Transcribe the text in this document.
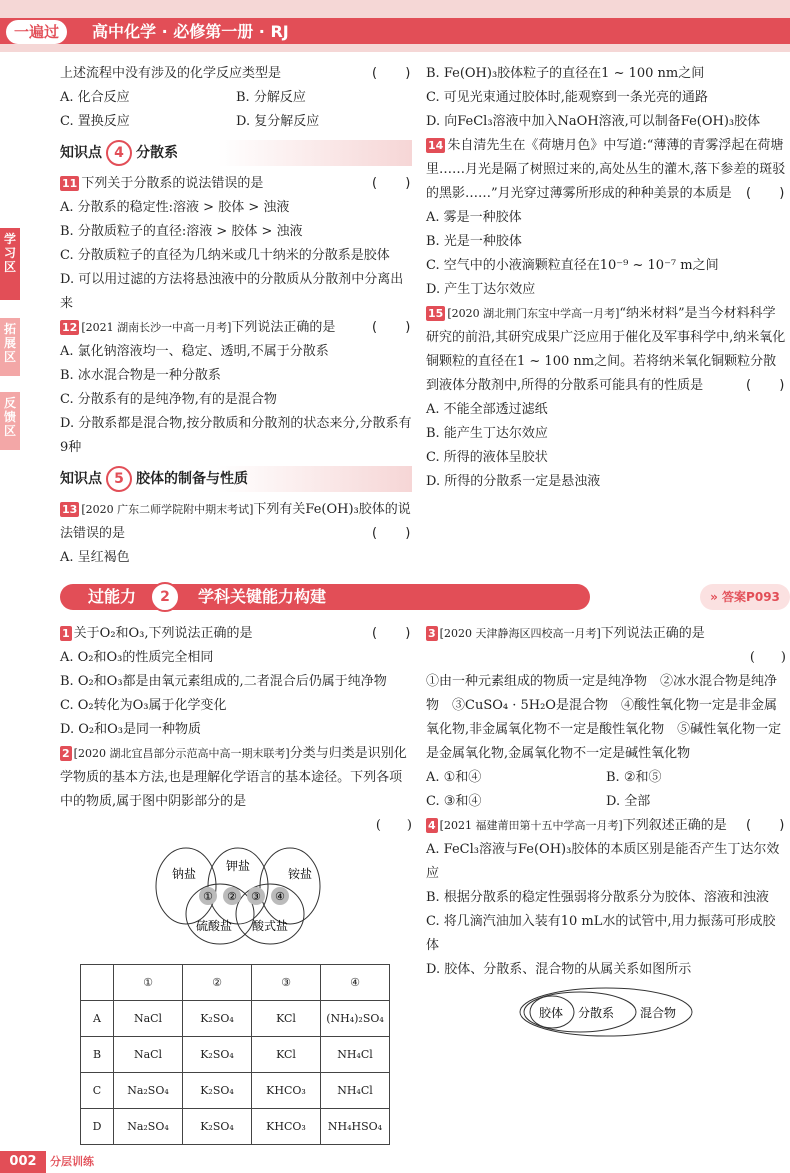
一遍过	高中化学 · 必修第一册 · RJ
学习区
拓展区
反馈区

上述流程中没有涉及的化学反应类型是	(　　)

A. 化合反应	B. 分解反应
C. 置换反应	D. 复分解反应
知识点 4 分散系

11 下列关于分散系的说法错误的是	(　　)

A. 分散系的稳定性:溶液 > 胶体 > 浊液

B. 分散质粒子的直径:溶液 > 胶体 > 浊液

C. 分散质粒子的直径为几纳米或几十纳米的分散系是胶体

D. 可以用过滤的方法将悬浊液中的分散质从分散剂中分离出来

12 [2021 湖南长沙一中高一月考]下列说法正确的是	(　　)

A. 氯化钠溶液均一、稳定、透明,不属于分散系

B. 冰水混合物是一种分散系

C. 分散系有的是纯净物,有的是混合物

D. 分散系都是混合物,按分散质和分散剂的状态来分,分散系有9种

知识点 5 胶体的制备与性质

13 [2020 广东二师学院附中期末考试]下列有关Fe(OH)₃胶体的说法错误的是	(　　)

A. 呈红褐色

B. Fe(OH)₃胶体粒子的直径在1 ~ 100 nm之间

C. 可见光束通过胶体时,能观察到一条光亮的通路

D. 向FeCl₃溶液中加入NaOH溶液,可以制备Fe(OH)₃胶体

14 朱自清先生在《荷塘月色》中写道:“薄薄的青雾浮起在荷塘里……月光是隔了树照过来的,高处丛生的灌木,落下参差的斑驳的黑影……”月光穿过薄雾所形成的种种美景的本质是 (　　)

A. 雾是一种胶体

B. 光是一种胶体

C. 空气中的小液滴颗粒直径在10⁻⁹ ~ 10⁻⁷ m之间

D. 产生丁达尔效应

15 [2020 湖北荆门东宝中学高一月考]“纳米材料”是当今材料科学研究的前沿,其研究成果广泛应用于催化及军事科学中,纳米氧化铜颗粒的直径在1 ~ 100 nm之间。若将纳米氧化铜颗粒分散到液体分散剂中,所得的分散系可能具有的性质是	(　　)

A. 不能全部透过滤纸

B. 能产生丁达尔效应

C. 所得的液体呈胶状

D. 所得的分散系一定是悬浊液

过能力	2	学科关键能力构建	» 答案P093

1 关于O₂和O₃,下列说法正确的是	(　　)

A. O₂和O₃的性质完全相同

B. O₂和O₃都是由氧元素组成的,二者混合后仍属于纯净物

C. O₂转化为O₃属于化学变化

D. O₂和O₃是同一种物质

2 [2020 湖北宜昌部分示范高中高一期末联考]分类与归类是识别化学物质的基本方法,也是理解化学语言的基本途径。下列各项中的物质,属于图中阴影部分的是

(　　)

钠盐
钾盐
铵盐
硫酸盐 酸式盐
① ② ③ ④
	①	②	③	④
A	NaCl	K₂SO₄	KCl	(NH₄)₂SO₄
B	NaCl	K₂SO₄	KCl	NH₄Cl
C	Na₂SO₄	K₂SO₄	KHCO₃	NH₄Cl
D	Na₂SO₄	K₂SO₄	KHCO₃	NH₄HSO₄

3 [2020 天津静海区四校高一月考]下列说法正确的是

(　　)

①由一种元素组成的物质一定是纯净物　②冰水混合物是纯净物　③CuSO₄ · 5H₂O是混合物　④酸性氧化物一定是非金属氧化物,非金属氧化物不一定是酸性氧化物　⑤碱性氧化物一定是金属氧化物,金属氧化物不一定是碱性氧化物

A. ①和④	B. ②和⑤
C. ③和④	D. 全部

4 [2021 福建莆田第十五中学高一月考]下列叙述正确的是 (　　)

A. FeCl₃溶液与Fe(OH)₃胶体的本质区别是能否产生丁达尔效应

B. 根据分散系的稳定性强弱将分散系分为胶体、溶液和浊液

C. 将几滴汽油加入装有10 mL水的试管中,用力振荡可形成胶体

D. 胶体、分散系、混合物的从属关系如图所示

胶体 分散系 混合物
002	分层训练
